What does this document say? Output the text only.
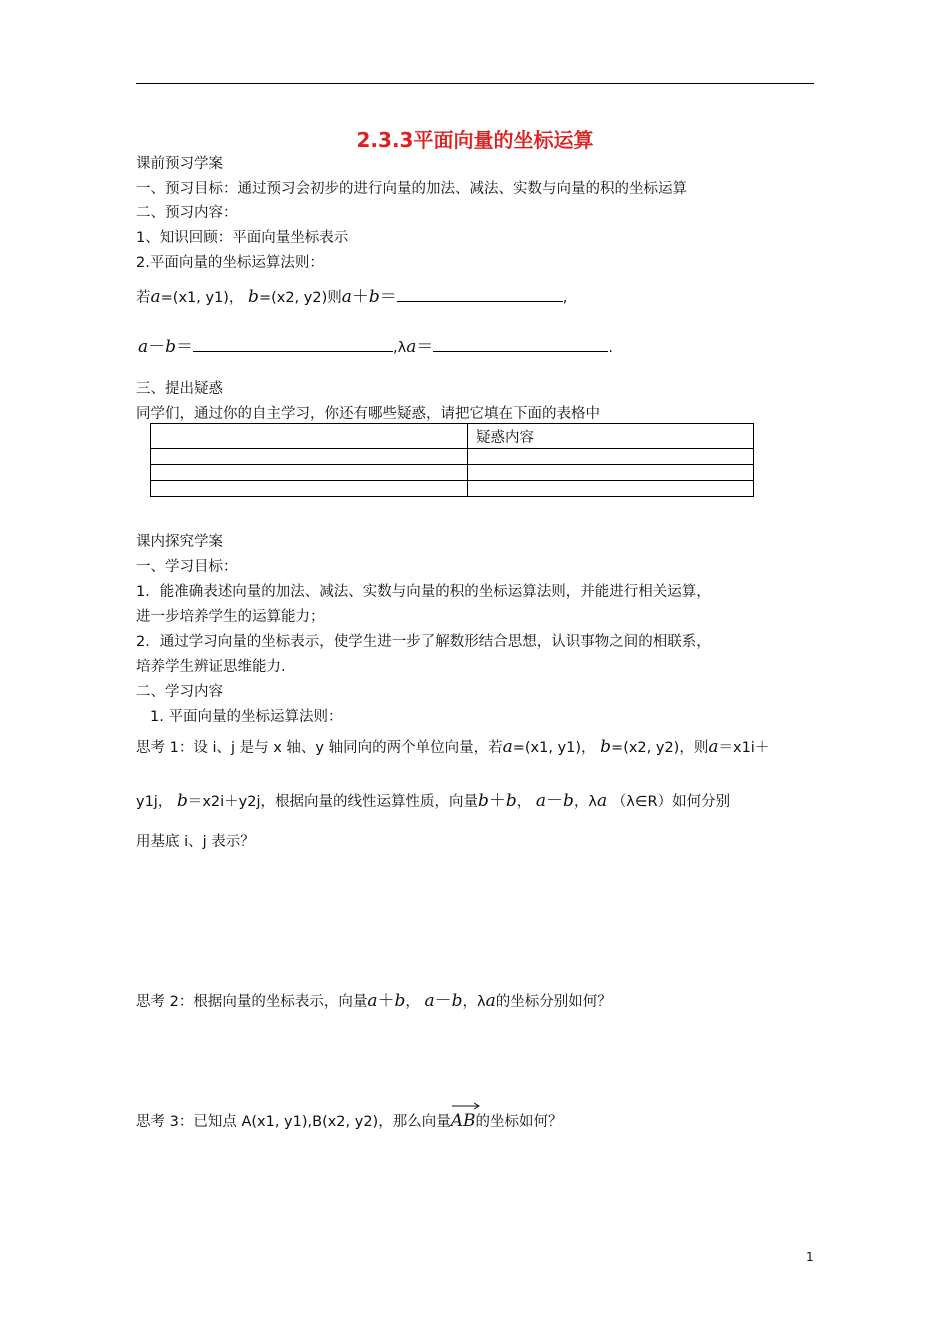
2.3.3平面向量的坐标运算
课前预习学案
一、预习目标：通过预习会初步的进行向量的加法、减法、实数与向量的积的坐标运算
二、预习内容：
1、知识回顾：平面向量坐标表示
2.平面向量的坐标运算法则：
若a=(x1, y1)， b=(x2, y2)则a＋b＝	,
a－b＝	,λa＝	.
三、提出疑惑
同学们，通过你的自主学习，你还有哪些疑惑，请把它填在下面的表格中
	疑惑内容

课内探究学案
一、学习目标：
1．能准确表述向量的加法、减法、实数与向量的积的坐标运算法则，并能进行相关运算，
进一步培养学生的运算能力；
2．通过学习向量的坐标表示，使学生进一步了解数形结合思想，认识事物之间的相联系，
培养学生辨证思维能力.
二、学习内容
1. 平面向量的坐标运算法则：
思考 1：设 i、j 是与 x 轴、y 轴同向的两个单位向量，若a=(x1, y1)， b=(x2, y2)，则a＝x1i＋
y1j， b＝x2i＋y2j，根据向量的线性运算性质，向量b＋b， a－b，λa （λ∈R）如何分别
用基底 i、j 表示？
思考 2：根据向量的坐标表示，向量a＋b， a－b，λa的坐标分别如何？
思考 3：已知点 A(x1, y1),B(x2, y2)，那么向量
AB的坐标如何？
1
